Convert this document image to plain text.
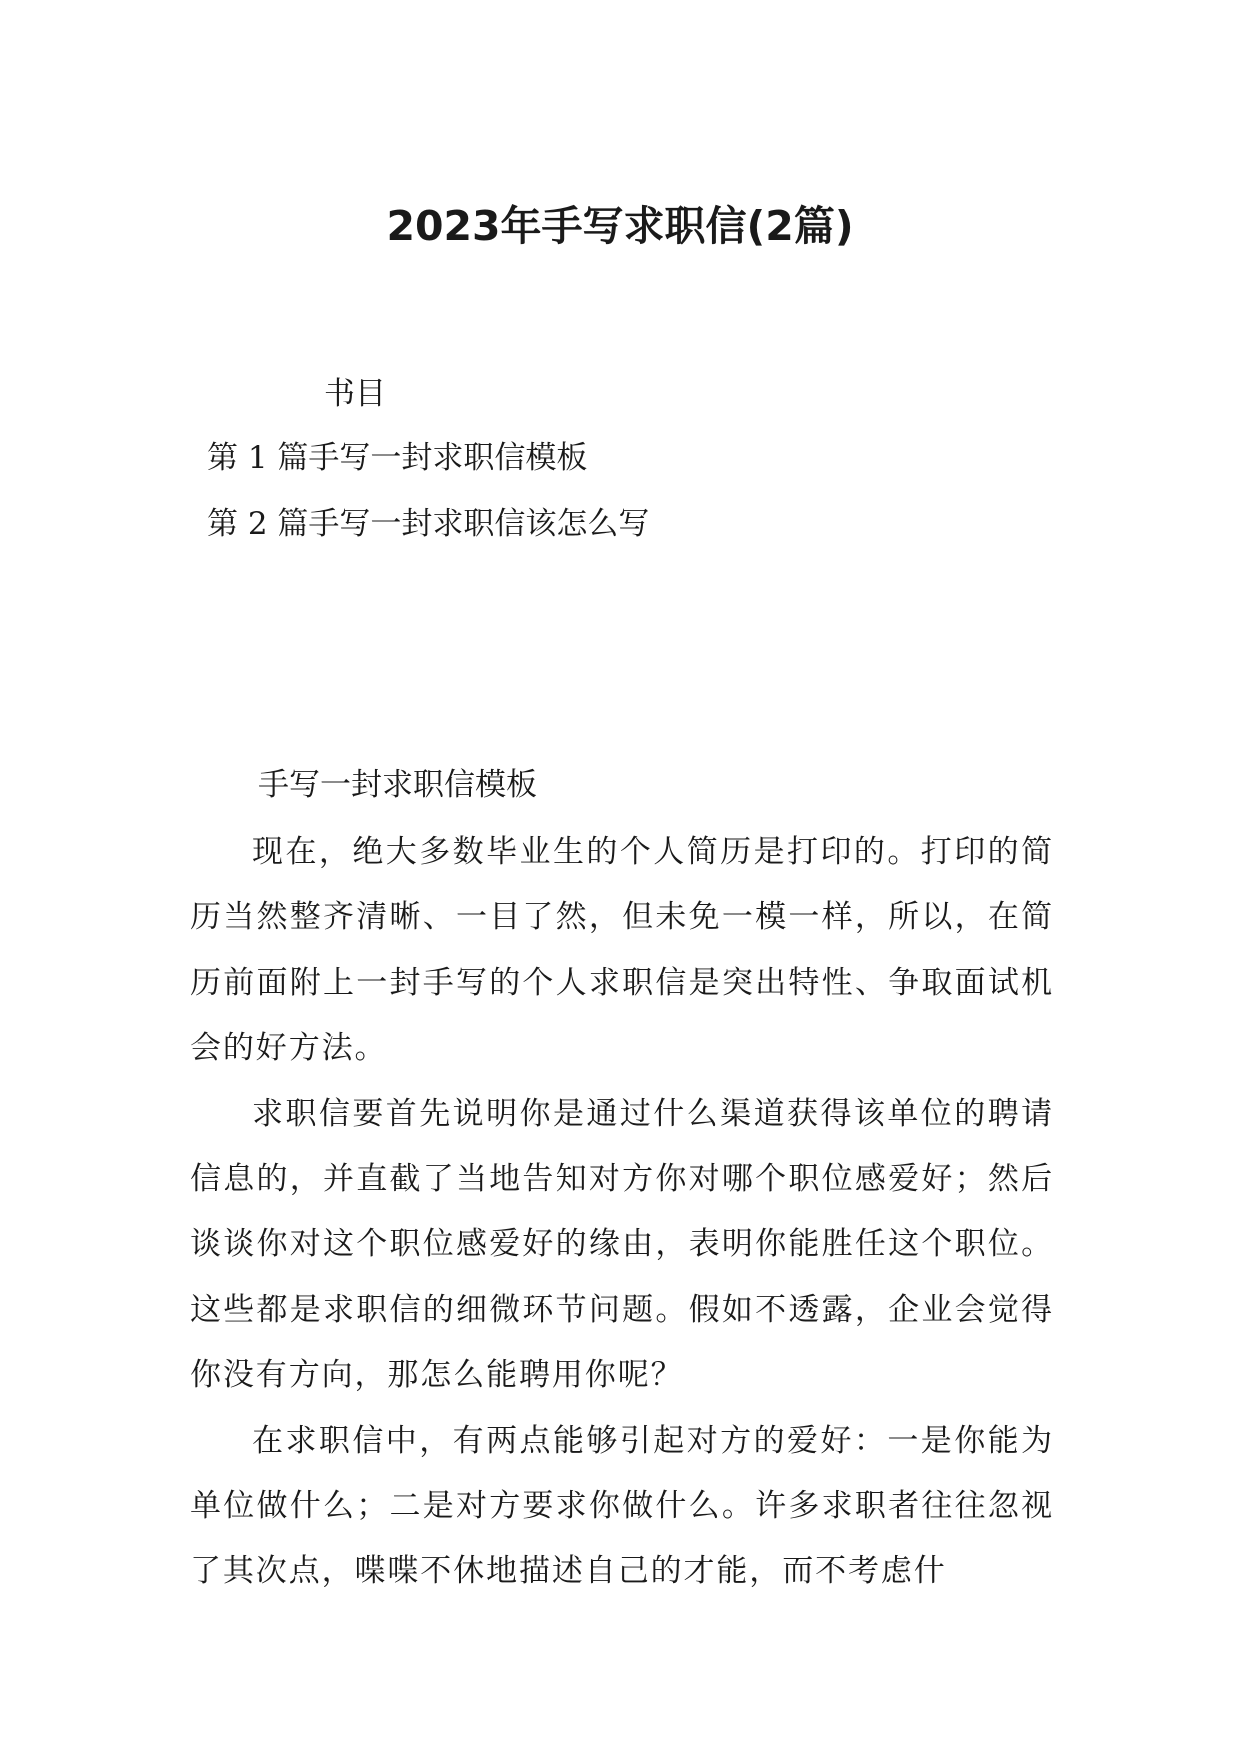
2023年手写求职信(2篇)
书目
第 1 篇手写一封求职信模板
第 2 篇手写一封求职信该怎么写
手写一封求职信模板

现在，绝大多数毕业生的个人简历是打印的。打印的简历当然整齐清晰、一目了然，但未免一模一样，所以，在简历前面附上一封手写的个人求职信是突出特性、争取面试机会的好方法。

求职信要首先说明你是通过什么渠道获得该单位的聘请信息的，并直截了当地告知对方你对哪个职位感爱好；然后谈谈你对这个职位感爱好的缘由，表明你能胜任这个职位。这些都是求职信的细微环节问题。假如不透露，企业会觉得你没有方向，那怎么能聘用你呢？

在求职信中，有两点能够引起对方的爱好：一是你能为单位做什么；二是对方要求你做什么。许多求职者往往忽视了其次点，喋喋不休地描述自己的才能，而不考虑什
